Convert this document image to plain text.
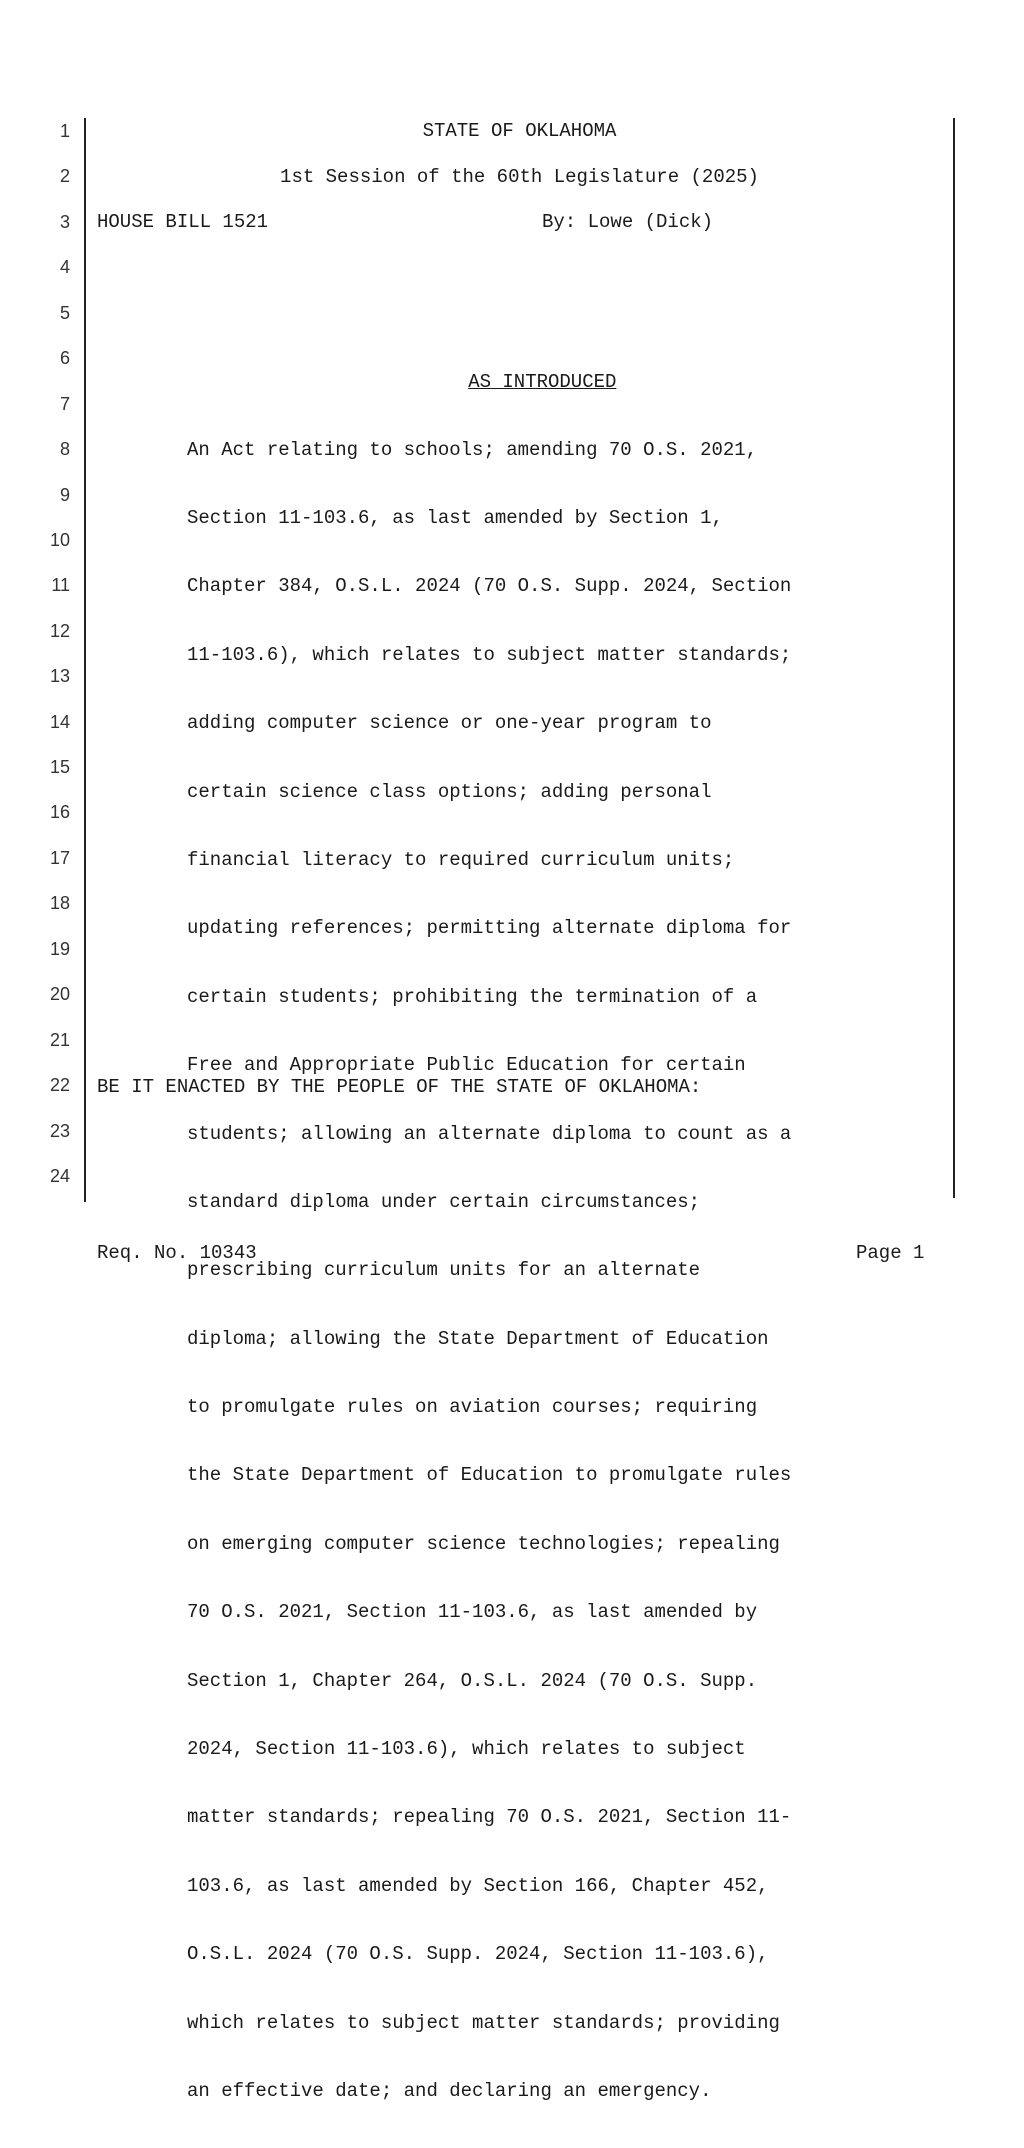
1
2
3
4
5
6
7
8
9
10
11
12
13
14
15
16
17
18
19
20
21
22
23
24
STATE OF OKLAHOMA
1st Session of the 60th Legislature (2025)
HOUSE BILL 1521	By: Lowe (Dick)

AS INTRODUCED

An Act relating to schools; amending 70 O.S. 2021,

Section 11-103.6, as last amended by Section 1,

Chapter 384, O.S.L. 2024 (70 O.S. Supp. 2024, Section

11-103.6), which relates to subject matter standards;

adding computer science or one-year program to

certain science class options; adding personal

financial literacy to required curriculum units;

updating references; permitting alternate diploma for

certain students; prohibiting the termination of a

Free and Appropriate Public Education for certain

students; allowing an alternate diploma to count as a

standard diploma under certain circumstances;

prescribing curriculum units for an alternate

diploma; allowing the State Department of Education

to promulgate rules on aviation courses; requiring

the State Department of Education to promulgate rules

on emerging computer science technologies; repealing

70 O.S. 2021, Section 11-103.6, as last amended by

Section 1, Chapter 264, O.S.L. 2024 (70 O.S. Supp.

2024, Section 11-103.6), which relates to subject

matter standards; repealing 70 O.S. 2021, Section 11-

103.6, as last amended by Section 166, Chapter 452,

O.S.L. 2024 (70 O.S. Supp. 2024, Section 11-103.6),

which relates to subject matter standards; providing

an effective date; and declaring an emergency.

BE IT ENACTED BY THE PEOPLE OF THE STATE OF OKLAHOMA:
Req. No. 10343	Page 1
